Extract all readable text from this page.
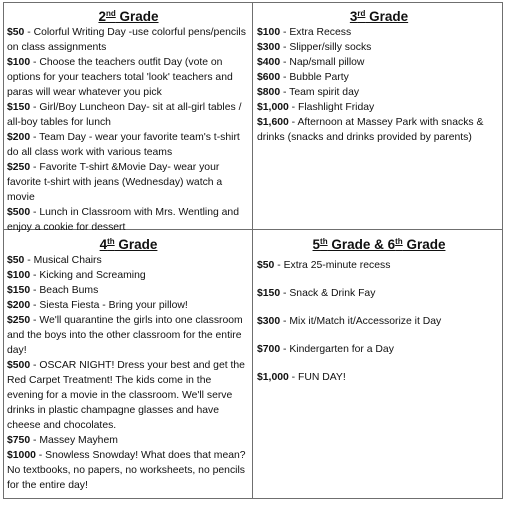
2nd Grade

$50 - Colorful Writing Day -use colorful pens/pencils on class assignments

$100 - Choose the teachers outfit Day (vote on options for your teachers total 'look' teachers and paras will wear whatever you pick

$150 - Girl/Boy Luncheon Day- sit at all-girl tables / all-boy tables for lunch

$200 - Team Day - wear your favorite team's t-shirt do all class work with various teams

$250 - Favorite T-shirt &Movie Day- wear your favorite t-shirt with jeans (Wednesday) watch a movie

$500 - Lunch in Classroom with Mrs. Wentling and enjoy a cookie for dessert

3rd Grade

$100 - Extra Recess

$300 - Slipper/silly socks

$400 - Nap/small pillow

$600 - Bubble Party

$800 - Team spirit day

$1,000 - Flashlight Friday

$1,600 - Afternoon at Massey Park with snacks & drinks (snacks and drinks provided by parents)

4th Grade

$50 - Musical Chairs

$100 - Kicking and Screaming

$150 - Beach Bums

$200 - Siesta Fiesta - Bring your pillow!

$250 - We'll quarantine the girls into one classroom and the boys into the other classroom for the entire day!

$500 - OSCAR NIGHT! Dress your best and get the Red Carpet Treatment! The kids come in the evening for a movie in the classroom. We'll serve drinks in plastic champagne glasses and have cheese and chocolates.

$750 - Massey Mayhem

$1000 - Snowless Snowday! What does that mean? No textbooks, no papers, no worksheets, no pencils for the entire day!

5th Grade & 6th Grade

$50 - Extra 25-minute recess

$150 - Snack & Drink Fay

$300 - Mix it/Match it/Accessorize it Day

$700 - Kindergarten for a Day

$1,000 - FUN DAY!
